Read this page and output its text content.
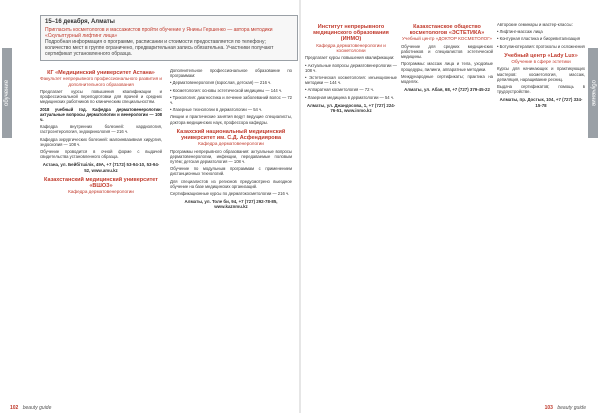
обучение
15–16 декабря, Алматы
Пригласить косметологов и массажистов пройти обучение у Янины Гершенко — автора методики «Скульптурный лифтинг лица»
Подробная информация о программе, расписании и стоимости предоставляется по телефону; количество мест в группе ограничено, предварительная запись обязательна. Участники получают сертификат установленного образца.
КГ «Медицинский университет Астана»
Факультет непрерывного профессионального развития и дополнительного образования
Предлагает курсы повышения квалификации и профессиональной переподготовки для врачей и средних медицинских работников по клиническим специальностям.
2018 учебный год. Кафедра дерматовенерологии: актуальные вопросы дерматологии и венерологии — 108 ч.
Кафедра внутренних болезней: кардиология, гастроэнтерология, эндокринология — 216 ч.
Кафедра хирургических болезней: малоинвазивная хирургия, эндоскопия — 108 ч.
Обучение проводится в очной форме с выдачей свидетельства установленного образца.
Астана, ул. Бейбітшілік, 49А, +7 (7172) 53-94-10, 53-94-52, www.amu.kz
Казахстанский медицинский университет «ВШОЗ»
Кафедра дерматовенерологии
Дополнительное профессиональное образование по программам:
• Дерматовенерология (взрослая, детская) — 216 ч.
• Косметология: основы эстетической медицины — 144 ч.
• Трихология: диагностика и лечение заболеваний волос — 72 ч.
• Лазерные технологии в дерматологии — 54 ч.
Лекции и практические занятия ведут ведущие специалисты, доктора медицинских наук, профессора кафедры.
Казахский национальный медицинский университет им. С.Д. Асфендиярова
Кафедра дерматовенерологии
Программы непрерывного образования: актуальные вопросы дерматовенерологии, инфекции, передаваемые половым путём; детская дерматология — 108 ч.
Обучение по модульным программам с применением дистанционных технологий.
Для специалистов из регионов предусмотрено выездное обучение на базе медицинских организаций.
Сертификационные курсы по дерматокосметологии — 216 ч.
Алматы, ул. Толе би, 94, +7 (727) 292-78-85, www.kaznmu.kz
102 beauty guide
обучение
Институт непрерывного медицинского образования (ИНМО)
Кафедра дерматовенерологии и косметологии
Предлагает курсы повышения квалификации:
• Актуальные вопросы дерматовенерологии — 108 ч.
• Эстетическая косметология: инъекционные методики — 144 ч.
• Аппаратная косметология — 72 ч.
• Лазерная медицина в дерматологии — 54 ч.
Алматы, ул. Джандосова, 1, +7 (727) 224-76-51, www.inmo.kz
Казахстанское общество косметологов «ЭСТЕТИКА»
Учебный центр «ДОКТОР КОСМЕТОЛОГ»
Обучение для средних медицинских работников и специалистов эстетической медицины.
Программы: массаж лица и тела, уходовые процедуры, пилинги, аппаратные методики.
Международные сертификаты; практика на моделях.
Алматы, ул. Абая, 68, +7 (727) 379-45-22
Авторские семинары и мастер-классы:
• Лифтинг-массаж лица
• Контурная пластика и биоревитализация
• Ботулинотерапия: протоколы и осложнения
Учебный центр «Lady Lux»
Обучение в сфере эстетики
Курсы для начинающих и практикующих мастеров: косметология, массаж, депиляция, наращивание ресниц.
Выдача сертификатов; помощь в трудоустройстве.
Алматы, пр. Достык, 104, +7 (727) 334-15-78
103 beauty guide
